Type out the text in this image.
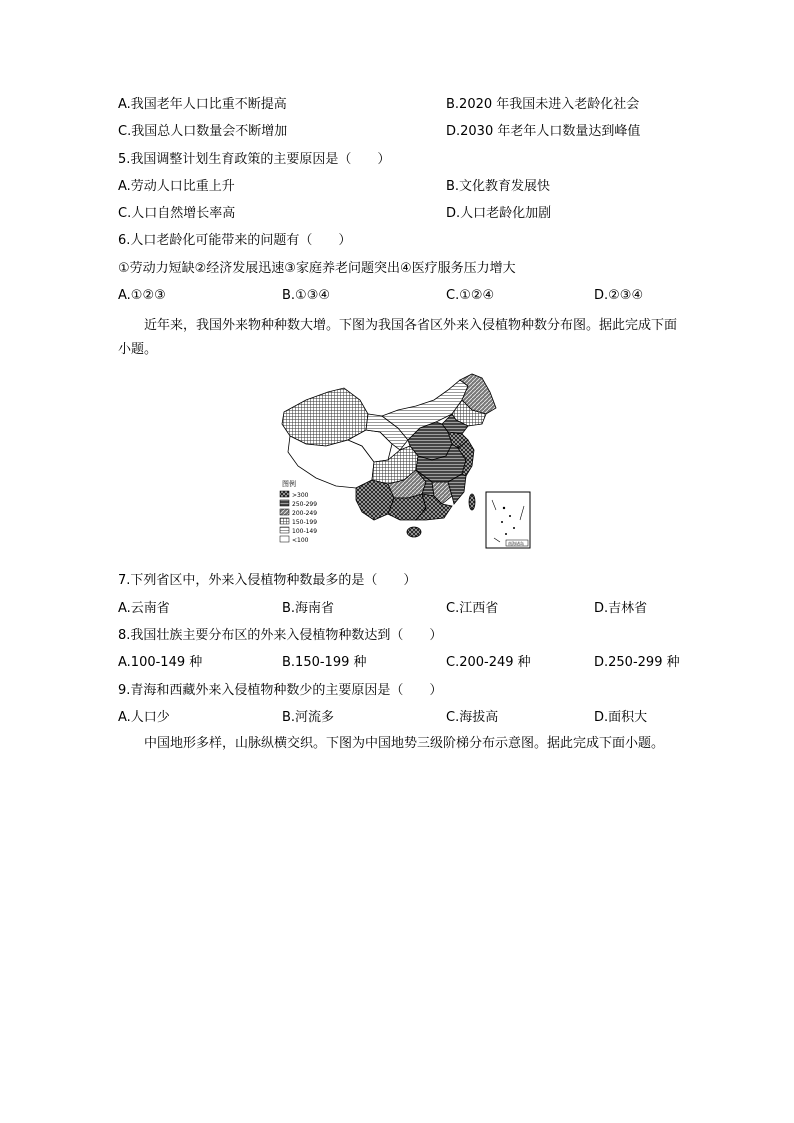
A.我国老年人口比重不断提高	B.2020 年我国未进入老龄化社会
C.我国总人口数量会不断增加	D.2030 年老年人口数量达到峰值
5.我国调整计划生育政策的主要原因是（　　）
A.劳动人口比重上升	B.文化教育发展快
C.人口自然增长率高	D.人口老龄化加剧
6.人口老龄化可能带来的问题有（　　）
①劳动力短缺②经济发展迅速③家庭养老问题突出④医疗服务压力增大
A.①②③	B.①③④	C.①②④	D.②③④
近年来，我国外来物种种数大增。下图为我国各省区外来入侵植物种数分布图。据此完成下面小题。
图例
>300
250-299
200-249
150-199
100-149
<100	南海诸岛
7.下列省区中，外来入侵植物种数最多的是（　　）
A.云南省	B.海南省	C.江西省	D.吉林省
8.我国壮族主要分布区的外来入侵植物种数达到（　　）
A.100-149 种	B.150-199 种	C.200-249 种	D.250-299 种
9.青海和西藏外来入侵植物种数少的主要原因是（　　）
A.人口少	B.河流多	C.海拔高	D.面积大
中国地形多样，山脉纵横交织。下图为中国地势三级阶梯分布示意图。据此完成下面小题。
